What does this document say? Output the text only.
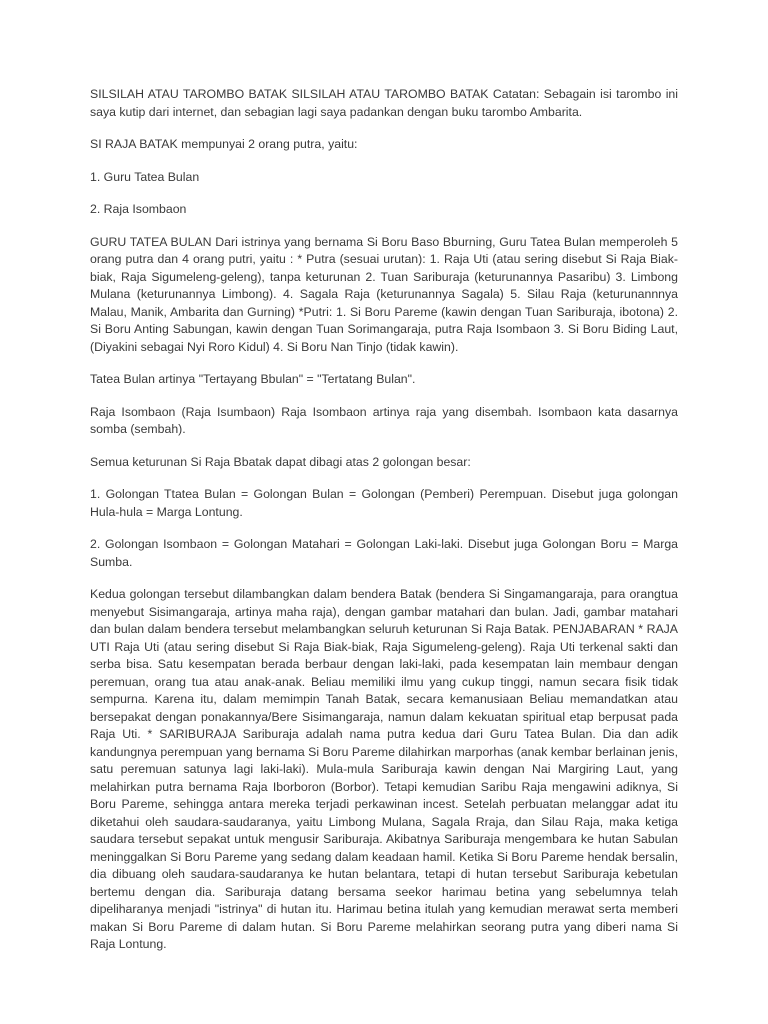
SILSILAH ATAU TAROMBO BATAK SILSILAH ATAU TAROMBO BATAK Catatan: Sebagain isi tarombo ini saya kutip dari internet, dan sebagian lagi saya padankan dengan buku tarombo Ambarita.

SI RAJA BATAK mempunyai 2 orang putra, yaitu:

1. Guru Tatea Bulan

2. Raja Isombaon

GURU TATEA BULAN Dari istrinya yang bernama Si Boru Baso Bburning, Guru Tatea Bulan memperoleh 5 orang putra dan 4 orang putri, yaitu : * Putra (sesuai urutan): 1. Raja Uti (atau sering disebut Si Raja Biak-biak, Raja Sigumeleng-geleng), tanpa keturunan 2. Tuan Sariburaja (keturunannya Pasaribu) 3. Limbong Mulana (keturunannya Limbong). 4. Sagala Raja (keturunannya Sagala) 5. Silau Raja (keturunannnya Malau, Manik, Ambarita dan Gurning) *Putri: 1. Si Boru Pareme (kawin dengan Tuan Sariburaja, ibotona) 2. Si Boru Anting Sabungan, kawin dengan Tuan Sorimangaraja, putra Raja Isombaon 3. Si Boru Biding Laut, (Diyakini sebagai Nyi Roro Kidul) 4. Si Boru Nan Tinjo (tidak kawin).

Tatea Bulan artinya "Tertayang Bbulan" = "Tertatang Bulan".

Raja Isombaon (Raja Isumbaon) Raja Isombaon artinya raja yang disembah. Isombaon kata dasarnya somba (sembah).

Semua keturunan Si Raja Bbatak dapat dibagi atas 2 golongan besar:

1. Golongan Ttatea Bulan = Golongan Bulan = Golongan (Pemberi) Perempuan. Disebut juga golongan Hula-hula = Marga Lontung.

2. Golongan Isombaon = Golongan Matahari = Golongan Laki-laki. Disebut juga Golongan Boru = Marga Sumba.

Kedua golongan tersebut dilambangkan dalam bendera Batak (bendera Si Singamangaraja, para orangtua menyebut Sisimangaraja, artinya maha raja), dengan gambar matahari dan bulan. Jadi, gambar matahari dan bulan dalam bendera tersebut melambangkan seluruh keturunan Si Raja Batak. PENJABARAN * RAJA UTI Raja Uti (atau sering disebut Si Raja Biak-biak, Raja Sigumeleng-geleng). Raja Uti terkenal sakti dan serba bisa. Satu kesempatan berada berbaur dengan laki-laki, pada kesempatan lain membaur dengan peremuan, orang tua atau anak-anak. Beliau memiliki ilmu yang cukup tinggi, namun secara fisik tidak sempurna. Karena itu, dalam memimpin Tanah Batak, secara kemanusiaan Beliau memandatkan atau bersepakat dengan ponakannya/Bere Sisimangaraja, namun dalam kekuatan spiritual etap berpusat pada Raja Uti. * SARIBURAJA Sariburaja adalah nama putra kedua dari Guru Tatea Bulan. Dia dan adik kandungnya perempuan yang bernama Si Boru Pareme dilahirkan marporhas (anak kembar berlainan jenis, satu peremuan satunya lagi laki-laki). Mula-mula Sariburaja kawin dengan Nai Margiring Laut, yang melahirkan putra bernama Raja Iborboron (Borbor). Tetapi kemudian Saribu Raja mengawini adiknya, Si Boru Pareme, sehingga antara mereka terjadi perkawinan incest. Setelah perbuatan melanggar adat itu diketahui oleh saudara-saudaranya, yaitu Limbong Mulana, Sagala Rraja, dan Silau Raja, maka ketiga saudara tersebut sepakat untuk mengusir Sariburaja. Akibatnya Sariburaja mengembara ke hutan Sabulan meninggalkan Si Boru Pareme yang sedang dalam keadaan hamil. Ketika Si Boru Pareme hendak bersalin, dia dibuang oleh saudara-saudaranya ke hutan belantara, tetapi di hutan tersebut Sariburaja kebetulan bertemu dengan dia. Sariburaja datang bersama seekor harimau betina yang sebelumnya telah dipeliharanya menjadi "istrinya" di hutan itu. Harimau betina itulah yang kemudian merawat serta memberi makan Si Boru Pareme di dalam hutan. Si Boru Pareme melahirkan seorang putra yang diberi nama Si Raja Lontung.
